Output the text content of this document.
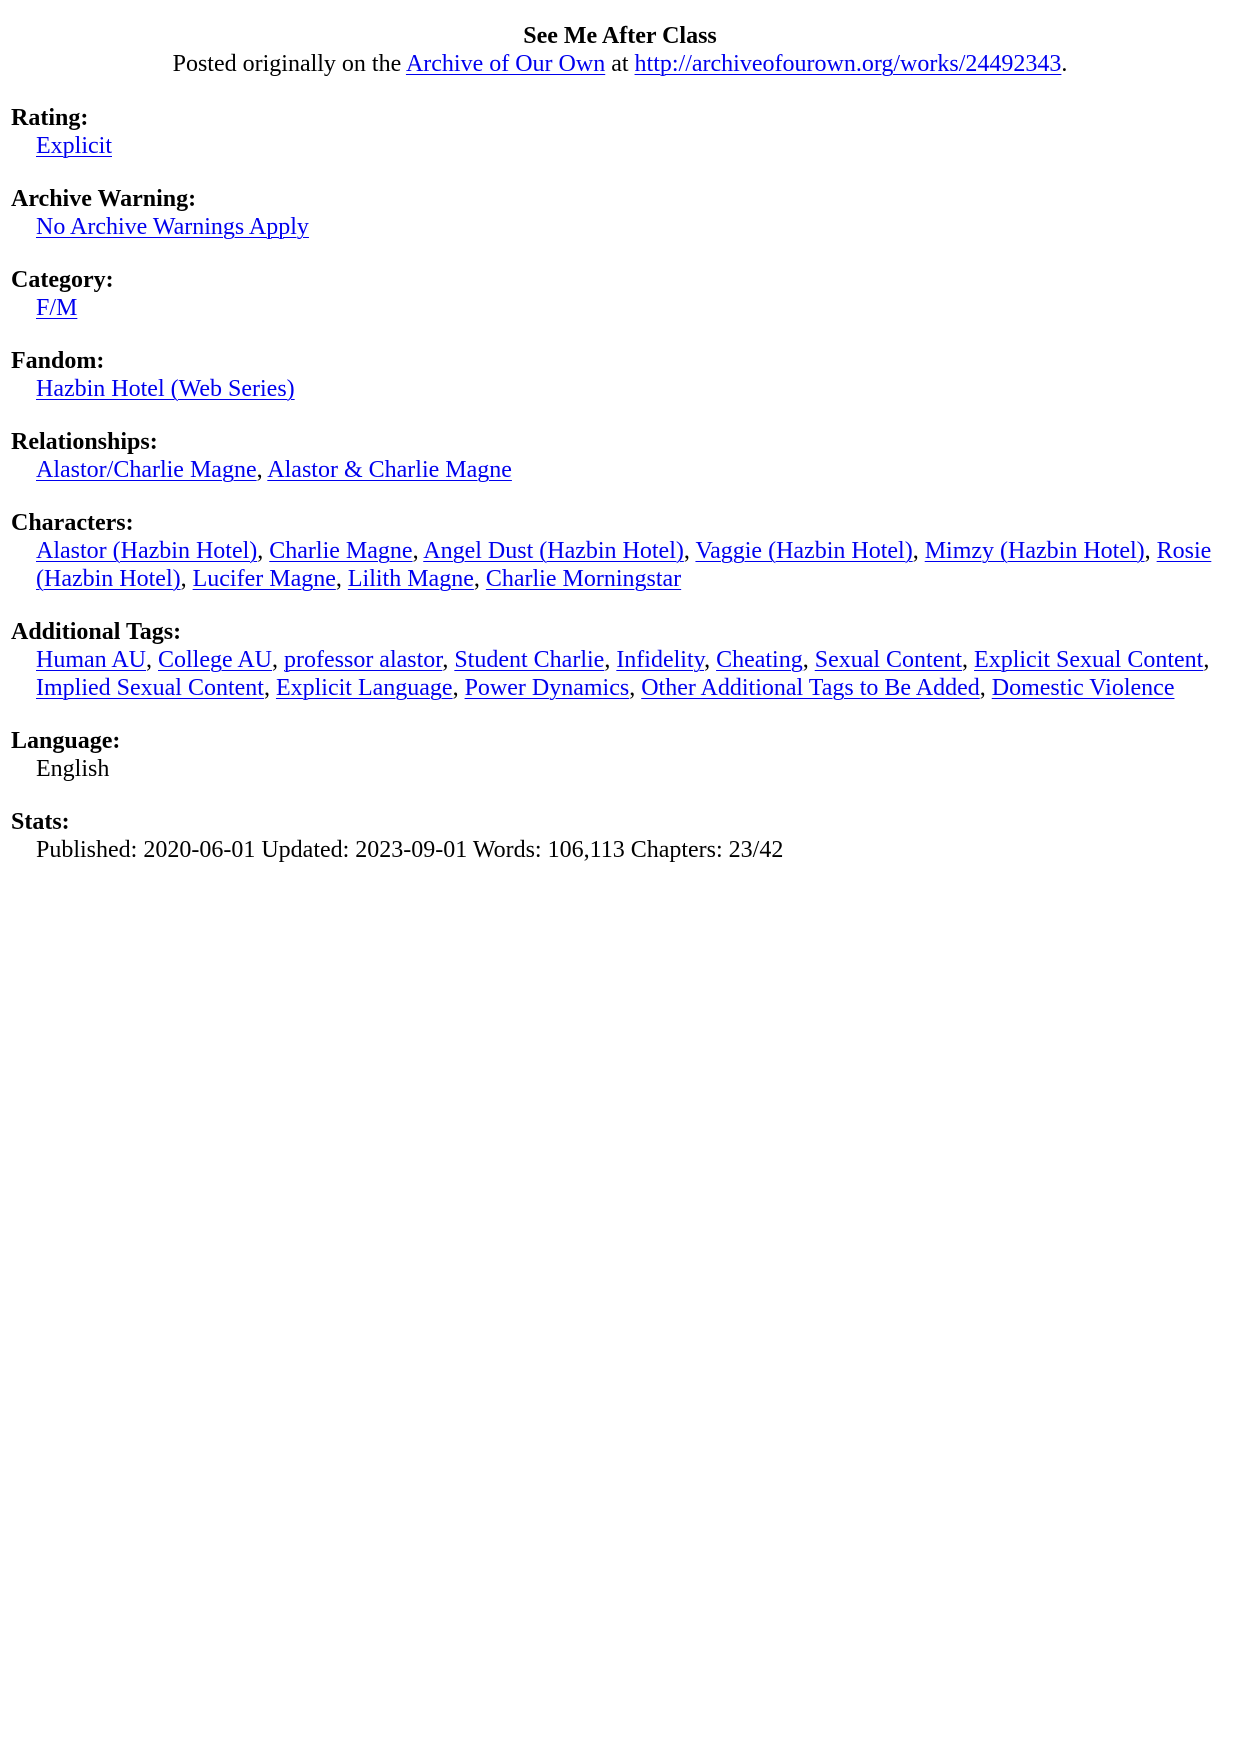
See Me After Class
Posted originally on the Archive of Our Own at http://archiveofourown.org/works/24492343.
Rating:
Explicit
Archive Warning:
No Archive Warnings Apply
Category:
F/M
Fandom:
Hazbin Hotel (Web Series)
Relationships:
Alastor/Charlie Magne, Alastor & Charlie Magne
Characters:
Alastor (Hazbin Hotel), Charlie Magne, Angel Dust (Hazbin Hotel), Vaggie (Hazbin Hotel), Mimzy (Hazbin Hotel), Rosie (Hazbin Hotel), Lucifer Magne, Lilith Magne, Charlie Morningstar
Additional Tags:
Human AU, College AU, professor alastor, Student Charlie, Infidelity, Cheating, Sexual Content, Explicit Sexual Content, Implied Sexual Content, Explicit Language, Power Dynamics, Other Additional Tags to Be Added, Domestic Violence
Language:
English
Stats:
Published: 2020-06-01 Updated: 2023-09-01 Words: 106,113 Chapters: 23/42
